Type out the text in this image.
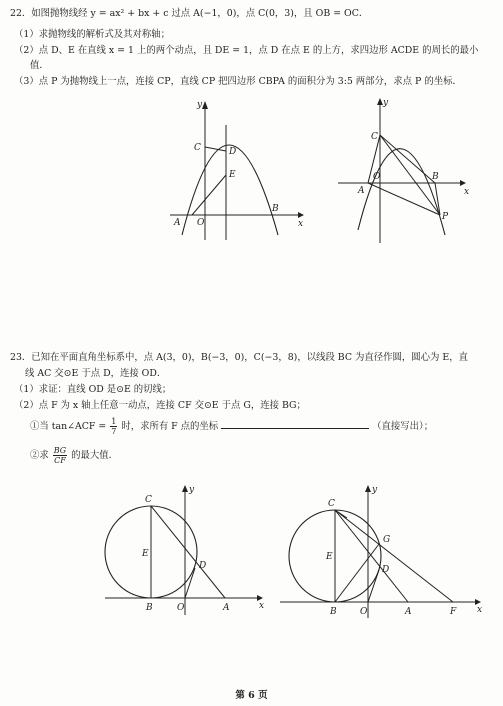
22．如图抛物线经 y = ax² + bx + c 过点 A(−1，0)，点 C(0，3)，且 OB = OC．
（1）求抛物线的解析式及其对称轴；
（2）点 D、E 在直线 x = 1 上的两个动点，且 DE = 1，点 D 在点 E 的上方，求四边形 ACDE 的周长的最小
值．
（3）点 P 为抛物线上一点，连接 CP，直线 CP 把四边形 CBPA 的面积分为 3:5 两部分，求点 P 的坐标．
y
C	D
E
A O
B
x
y
C
O	B
A
P
x
23．已知在平面直角坐标系中，点 A(3，0)，B(−3，0)，C(−3，8)，以线段 BC 为直径作圆，圆心为 E，直
线 AC 交⊙E 于点 D，连接 OD．
（1）求证：直线 OD 是⊙E 的切线；
（2）点 F 为 x 轴上任意一动点，连接 CF 交⊙E 于点 G，连接 BG；
①当 tan∠ACF = $\frac{1}{7}$ 时，求所有 F 点的坐标	（直接写出）；
②求 $\frac{BG}{CF}$ 的最大值．
C
y
E
D
B	O	A	x
C
y
G
E
D
B	O	A	F x
第 6 页
